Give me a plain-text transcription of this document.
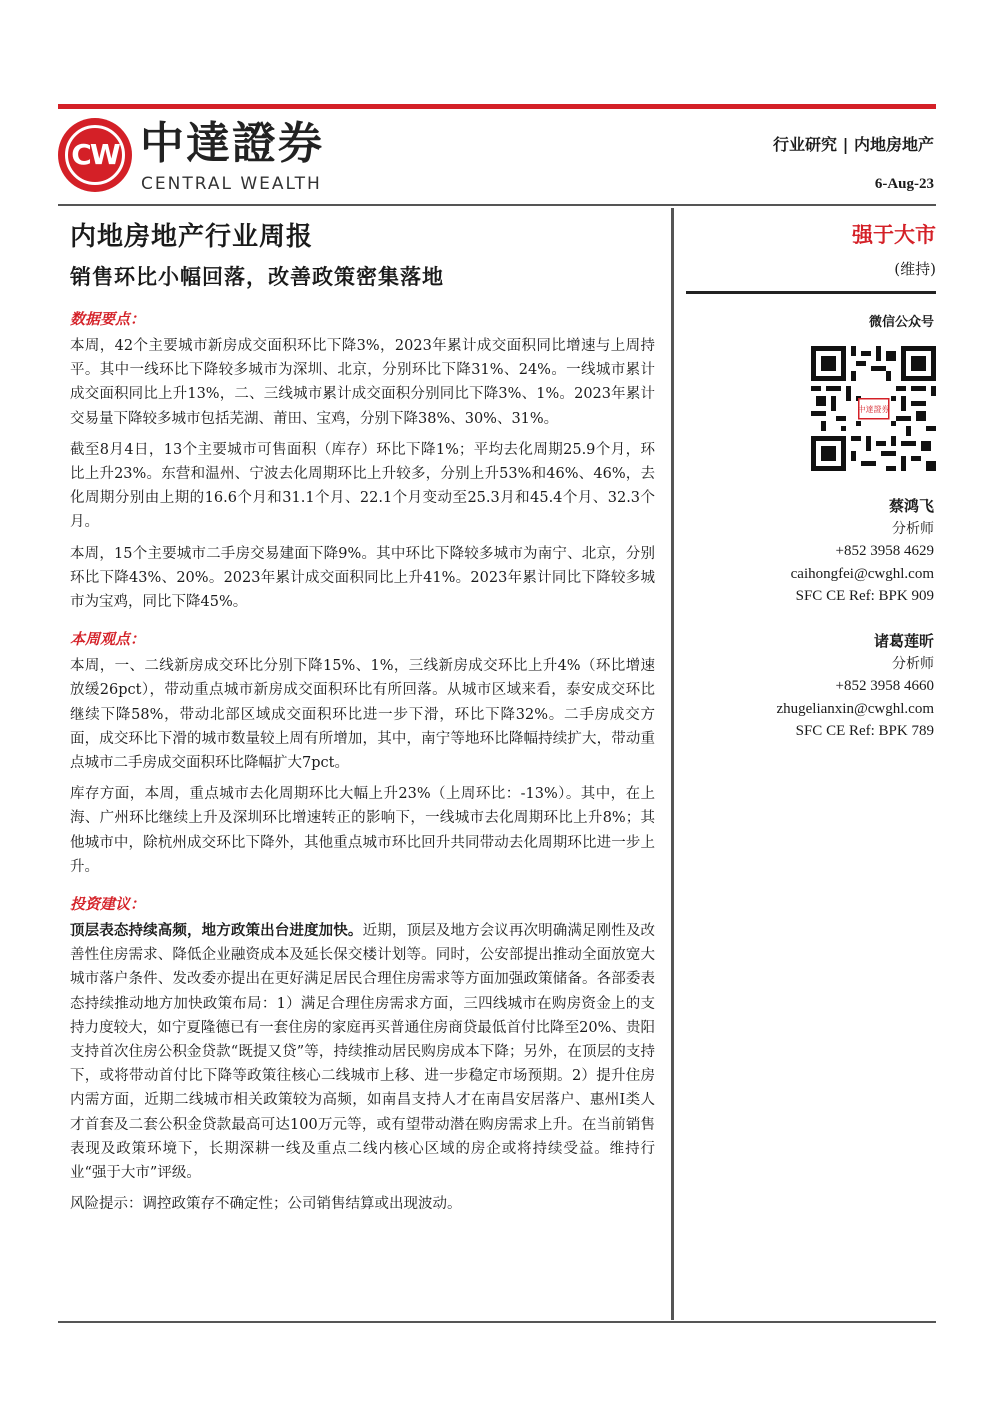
CW 中達證券
CENTRAL WEALTH
行业研究 | 内地房地产
6-Aug-23
内地房地产行业周报
销售环比小幅回落，改善政策密集落地
数据要点：

本周，42个主要城市新房成交面积环比下降3%，2023年累计成交面积同比增速与上周持平。其中一线环比下降较多城市为深圳、北京，分别环比下降31%、24%。一线城市累计成交面积同比上升13%，二、三线城市累计成交面积分别同比下降3%、1%。2023年累计交易量下降较多城市包括芜湖、莆田、宝鸡，分别下降38%、30%、31%。

截至8月4日，13个主要城市可售面积（库存）环比下降1%；平均去化周期25.9个月，环比上升23%。东营和温州、宁波去化周期环比上升较多，分别上升53%和46%、46%，去化周期分别由上期的16.6个月和31.1个月、22.1个月变动至25.3月和45.4个月、32.3个月。

本周，15个主要城市二手房交易建面下降9%。其中环比下降较多城市为南宁、北京，分别环比下降43%、20%。2023年累计成交面积同比上升41%。2023年累计同比下降较多城市为宝鸡，同比下降45%。

本周观点：

本周，一、二线新房成交环比分别下降15%、1%，三线新房成交环比上升4%（环比增速放缓26pct），带动重点城市新房成交面积环比有所回落。从城市区域来看，泰安成交环比继续下降58%，带动北部区域成交面积环比进一步下滑，环比下降32%。二手房成交方面，成交环比下滑的城市数量较上周有所增加，其中，南宁等地环比降幅持续扩大，带动重点城市二手房成交面积环比降幅扩大7pct。

库存方面，本周，重点城市去化周期环比大幅上升23%（上周环比：-13%）。其中，在上海、广州环比继续上升及深圳环比增速转正的影响下，一线城市去化周期环比上升8%；其他城市中，除杭州成交环比下降外，其他重点城市环比回升共同带动去化周期环比进一步上升。

投资建议：

顶层表态持续高频，地方政策出台进度加快。近期，顶层及地方会议再次明确满足刚性及改善性住房需求、降低企业融资成本及延长保交楼计划等。同时，公安部提出推动全面放宽大城市落户条件、发改委亦提出在更好满足居民合理住房需求等方面加强政策储备。各部委表态持续推动地方加快政策布局：1）满足合理住房需求方面，三四线城市在购房资金上的支持力度较大，如宁夏隆德已有一套住房的家庭再买普通住房商贷最低首付比降至20%、贵阳支持首次住房公积金贷款“既提又贷”等，持续推动居民购房成本下降；另外，在顶层的支持下，或将带动首付比下降等政策往核心二线城市上移、进一步稳定市场预期。2）提升住房内需方面，近期二线城市相关政策较为高频，如南昌支持人才在南昌安居落户、惠州I类人才首套及二套公积金贷款最高可达100万元等，或有望带动潜在购房需求上升。在当前销售表现及政策环境下，长期深耕一线及重点二线内核心区域的房企或将持续受益。维持行业“强于大市”评级。

风险提示：调控政策存不确定性；公司销售结算或出现波动。

强于大市

(维持)

微信公众号
中達證券
蔡鸿飞
分析师
+852 3958 4629
caihongfei@cwghl.com
SFC CE Ref: BPK 909
诸葛莲昕
分析师
+852 3958 4660
zhugelianxin@cwghl.com
SFC CE Ref: BPK 789
